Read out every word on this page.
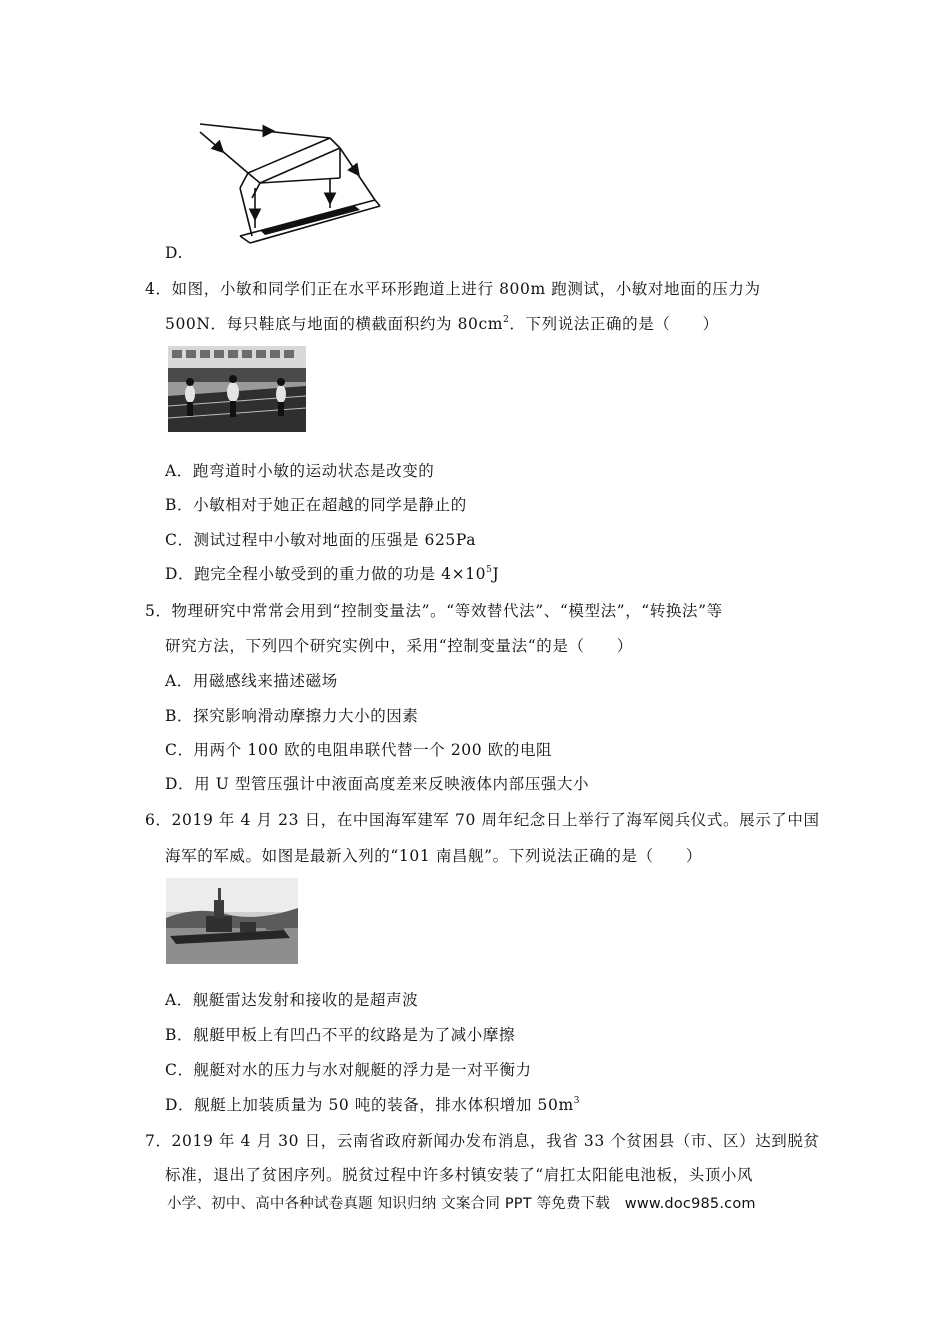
D.
4．如图，小敏和同学们正在水平环形跑道上进行 800m 跑测试，小敏对地面的压力为
500N．每只鞋底与地面的横截面积约为 $80cm^2$．下列说法正确的是（　　）
A．跑弯道时小敏的运动状态是改变的
B．小敏相对于她正在超越的同学是静止的
C．测试过程中小敏对地面的压强是 625Pa
D．跑完全程小敏受到的重力做的功是 $4\times 10^5J$
5．物理研究中常常会用到“控制变量法”。“等效替代法”、“模型法”，“转换法”等
研究方法，下列四个研究实例中，采用“控制变量法“的是（　　）
A．用磁感线来描述磁场
B．探究影响滑动摩擦力大小的因素
C．用两个 100 欧的电阻串联代替一个 200 欧的电阻
D．用 U 型管压强计中液面高度差来反映液体内部压强大小
6．2019 年 4 月 23 日，在中国海军建军 70 周年纪念日上举行了海军阅兵仪式。展示了中国
海军的军威。如图是最新入列的“101 南昌舰”。下列说法正确的是（　　）
A．舰艇雷达发射和接收的是超声波
B．舰艇甲板上有凹凸不平的纹路是为了减小摩擦
C．舰艇对水的压力与水对舰艇的浮力是一对平衡力
D．舰艇上加装质量为 50 吨的装备，排水体积增加 $50m^3$
7．2019 年 4 月 30 日，云南省政府新闻办发布消息，我省 33 个贫困县（市、区）达到脱贫
标准，退出了贫困序列。脱贫过程中许多村镇安装了“肩扛太阳能电池板，头顶小风
小学、初中、高中各种试卷真题 知识归纳 文案合同 PPT 等免费下载　www.doc985.com
